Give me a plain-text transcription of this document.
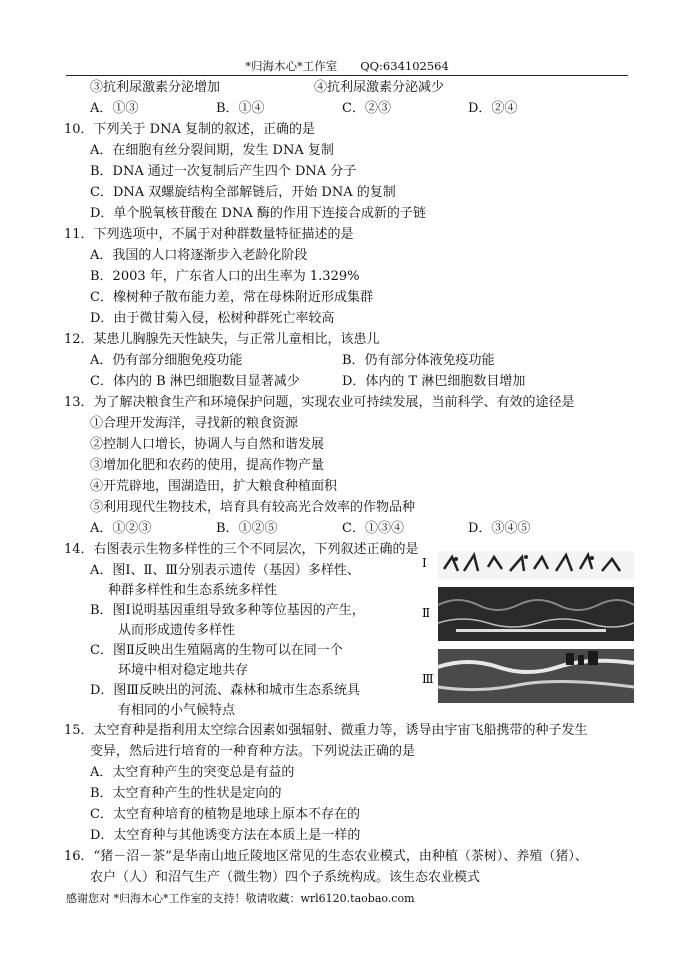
*归海木心*工作室　　QQ:634102564
③抗利尿激素分泌增加	④抗利尿激素分泌减少
A．①③	B．①④	C．②③	D．②④
10．下列关于 DNA 复制的叙述，正确的是
A．在细胞有丝分裂间期，发生 DNA 复制
B．DNA 通过一次复制后产生四个 DNA 分子
C．DNA 双螺旋结构全部解链后，开始 DNA 的复制
D．单个脱氧核苷酸在 DNA 酶的作用下连接合成新的子链
11．下列选项中，不属于对种群数量特征描述的是
A．我国的人口将逐渐步入老龄化阶段
B．2003 年，广东省人口的出生率为 1.329%
C．橡树种子散布能力差，常在母株附近形成集群
D．由于微甘菊入侵，松树种群死亡率较高
12．某患儿胸腺先天性缺失，与正常儿童相比，该患儿
A．仍有部分细胞免疫功能	B．仍有部分体液免疫功能
C．体内的 B 淋巴细胞数目显著减少	D．体内的 T 淋巴细胞数目增加
13．为了解决粮食生产和环境保护问题，实现农业可持续发展，当前科学、有效的途径是
①合理开发海洋，寻找新的粮食资源
②控制人口增长，协调人与自然和谐发展
③增加化肥和农药的使用，提高作物产量
④开荒辟地，围湖造田，扩大粮食种植面积
⑤利用现代生物技术，培育具有较高光合效率的作物品种
A．①②③	B．①②⑤	C．①③④	D．③④⑤
14．右图表示生物多样性的三个不同层次，下列叙述正确的是
A．图Ⅰ、Ⅱ、Ⅲ分别表示遗传（基因）多样性、
种群多样性和生态系统多样性
B．图Ⅰ说明基因重组导致多种等位基因的产生，
从而形成遗传多样性
C．图Ⅱ反映出生殖隔离的生物可以在同一个
环境中相对稳定地共存
D．图Ⅲ反映出的河流、森林和城市生态系统具
有相同的小气候特点
Ⅰ
Ⅱ
Ⅲ
15．太空育种是指利用太空综合因素如强辐射、微重力等，诱导由宇宙飞船携带的种子发生
变异，然后进行培育的一种育种方法。下列说法正确的是
A．太空育种产生的突变总是有益的
B．太空育种产生的性状是定向的
C．太空育种培育的植物是地球上原本不存在的
D．太空育种与其他诱变方法在本质上是一样的
16．“猪－沼－茶”是华南山地丘陵地区常见的生态农业模式，由种植（茶树）、养殖（猪）、
农户（人）和沼气生产（微生物）四个子系统构成。该生态农业模式
感谢您对 *归海木心*工作室的支持！敬请收藏：wrl6120.taobao.com
